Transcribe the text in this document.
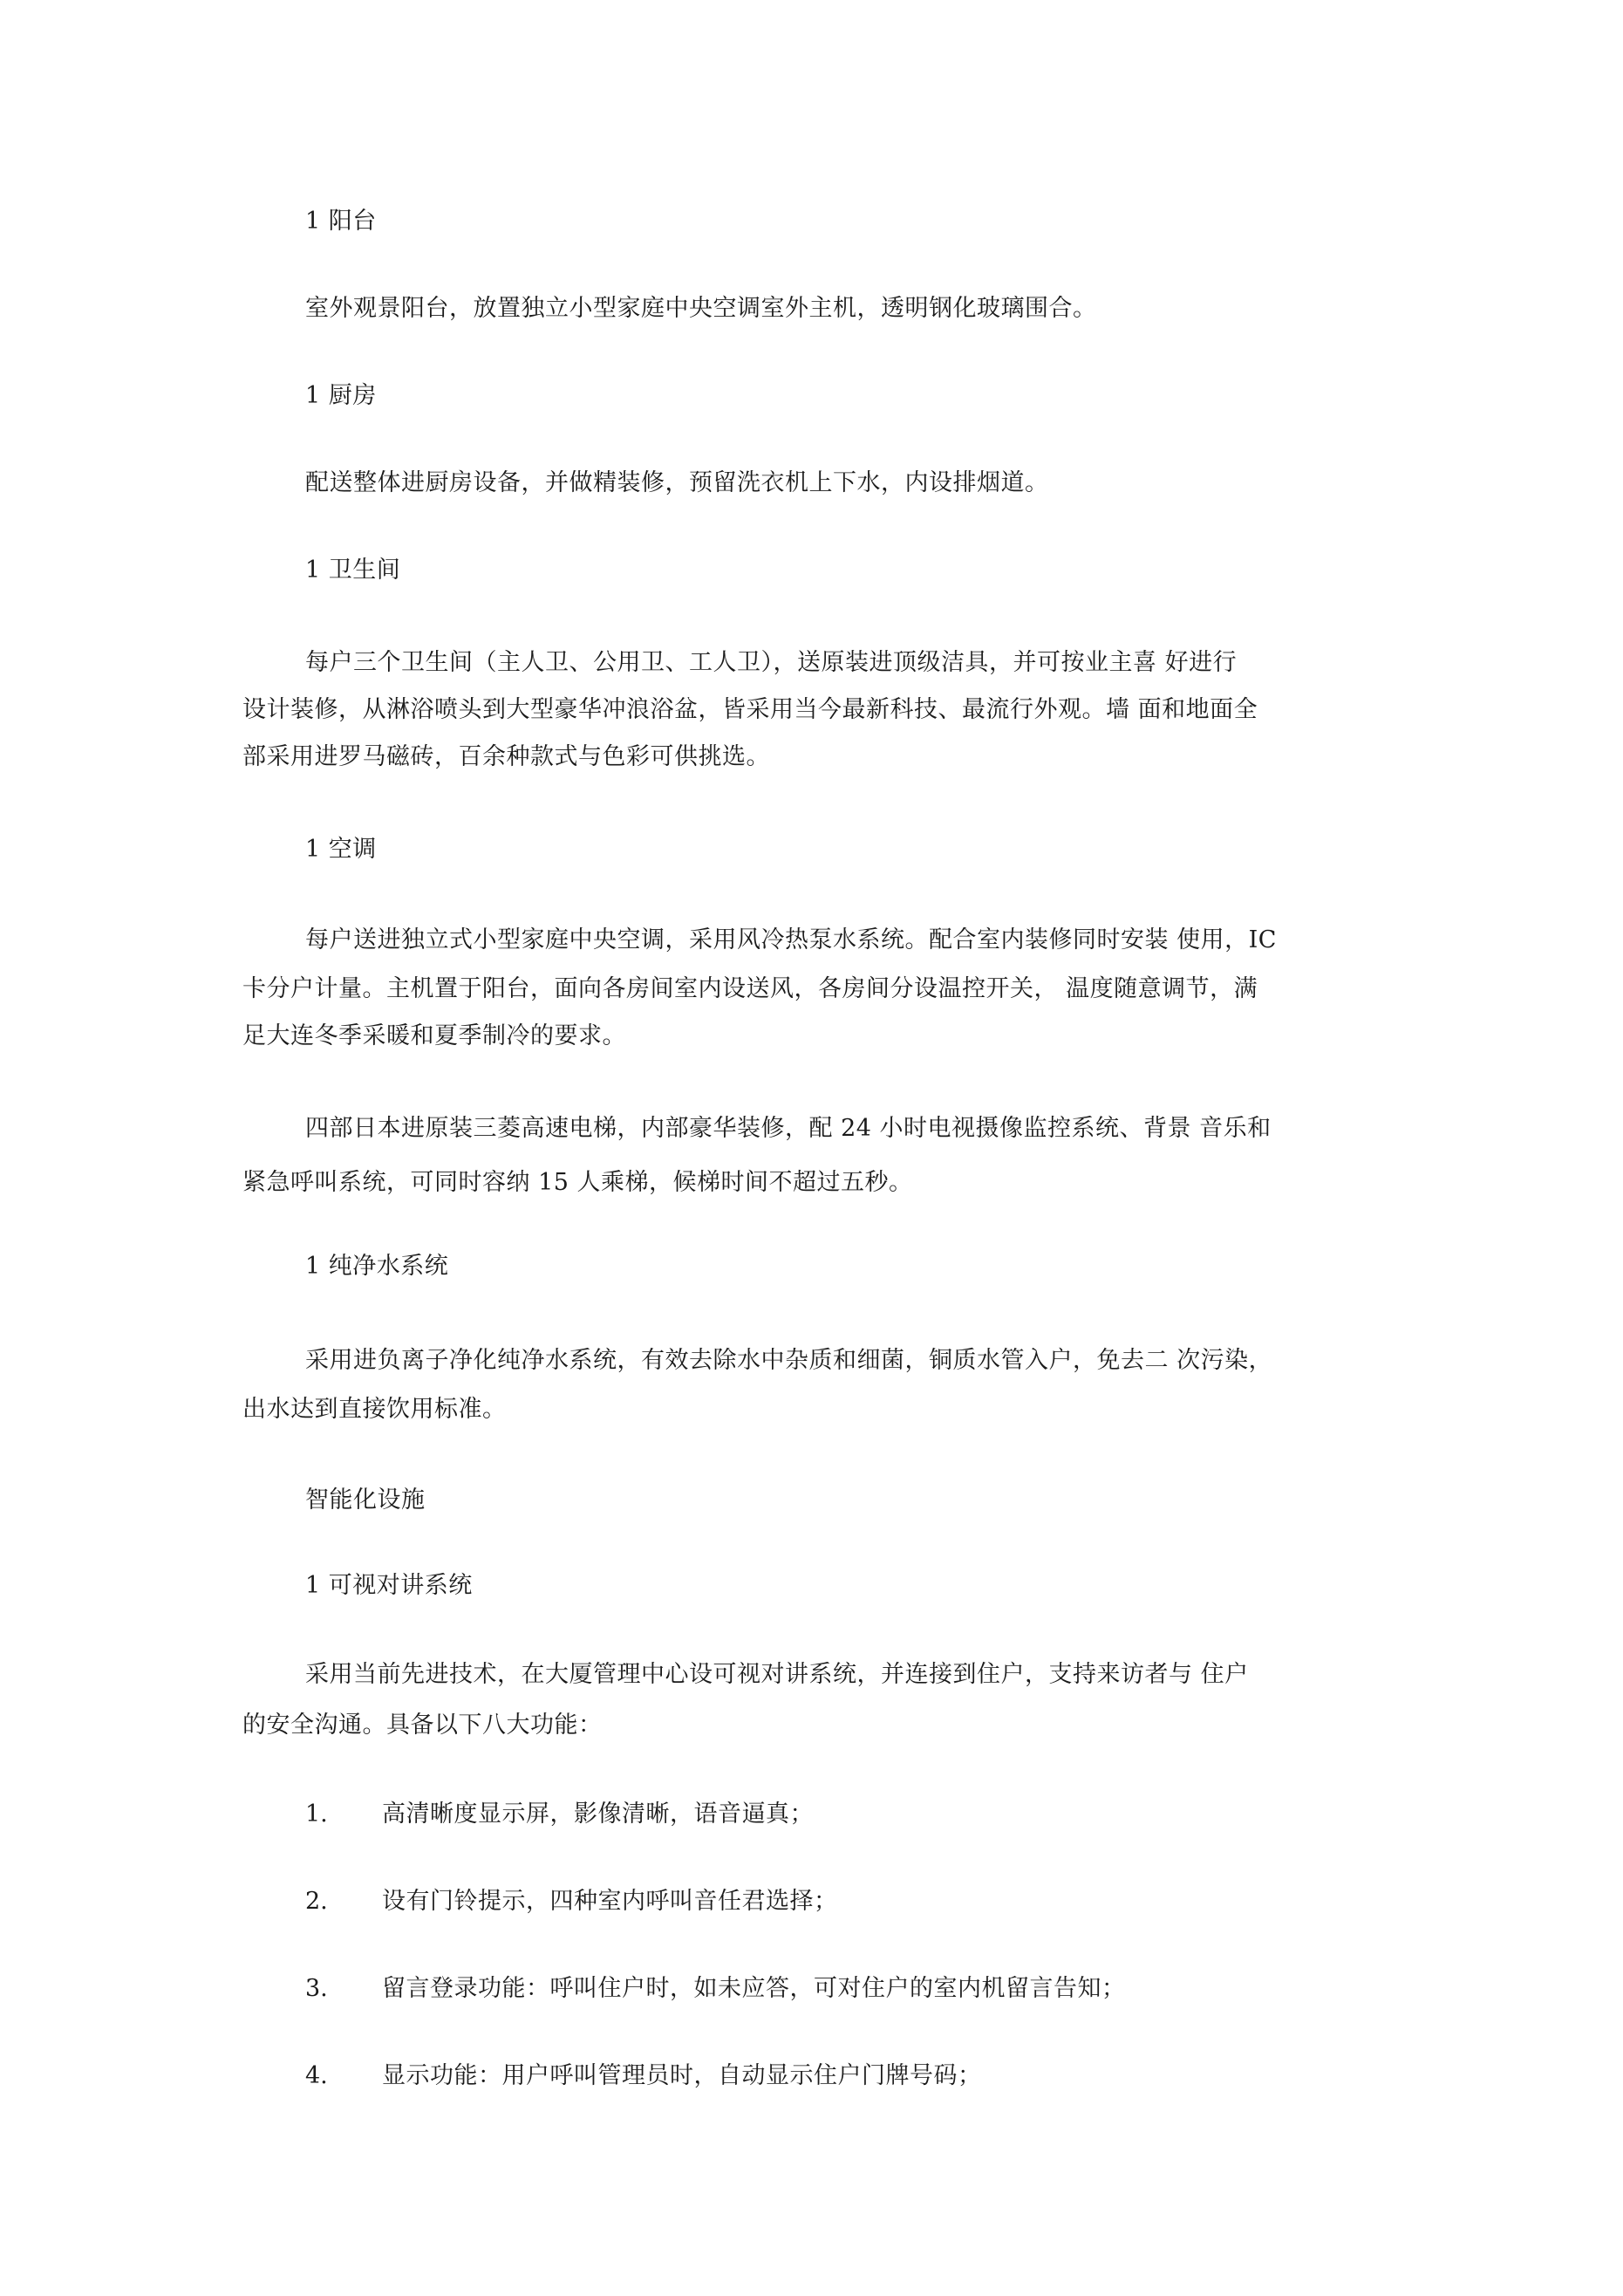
1 阳台
室外观景阳台，放置独立小型家庭中央空调室外主机，透明钢化玻璃围合。
1 厨房
配送整体进厨房设备，并做精装修，预留洗衣机上下水，内设排烟道。
1 卫生间
每户三个卫生间（主人卫、公用卫、工人卫），送原装进顶级洁具，并可按业主喜 好进行
设计装修，从淋浴喷头到大型豪华冲浪浴盆，皆采用当今最新科技、最流行外观。墙 面和地面全
部采用进罗马磁砖，百余种款式与色彩可供挑选。
1 空调
每户送进独立式小型家庭中央空调，采用风冷热泵水系统。配合室内装修同时安装 使用，IC
卡分户计量。主机置于阳台，面向各房间室内设送风，各房间分设温控开关， 温度随意调节，满
足大连冬季采暖和夏季制冷的要求。
四部日本进原装三菱高速电梯，内部豪华装修，配 24 小时电视摄像监控系统、背景 音乐和
紧急呼叫系统，可同时容纳 15 人乘梯，候梯时间不超过五秒。
1 纯净水系统
采用进负离子净化纯净水系统，有效去除水中杂质和细菌，铜质水管入户，免去二 次污染，
出水达到直接饮用标准。
智能化设施
1 可视对讲系统
采用当前先进技术，在大厦管理中心设可视对讲系统，并连接到住户，支持来访者与 住户
的安全沟通。具备以下八大功能：
1. 高清晰度显示屏，影像清晰，语音逼真；
2. 设有门铃提示，四种室内呼叫音任君选择；
3. 留言登录功能：呼叫住户时，如未应答，可对住户的室内机留言告知；
4. 显示功能：用户呼叫管理员时，自动显示住户门牌号码；
